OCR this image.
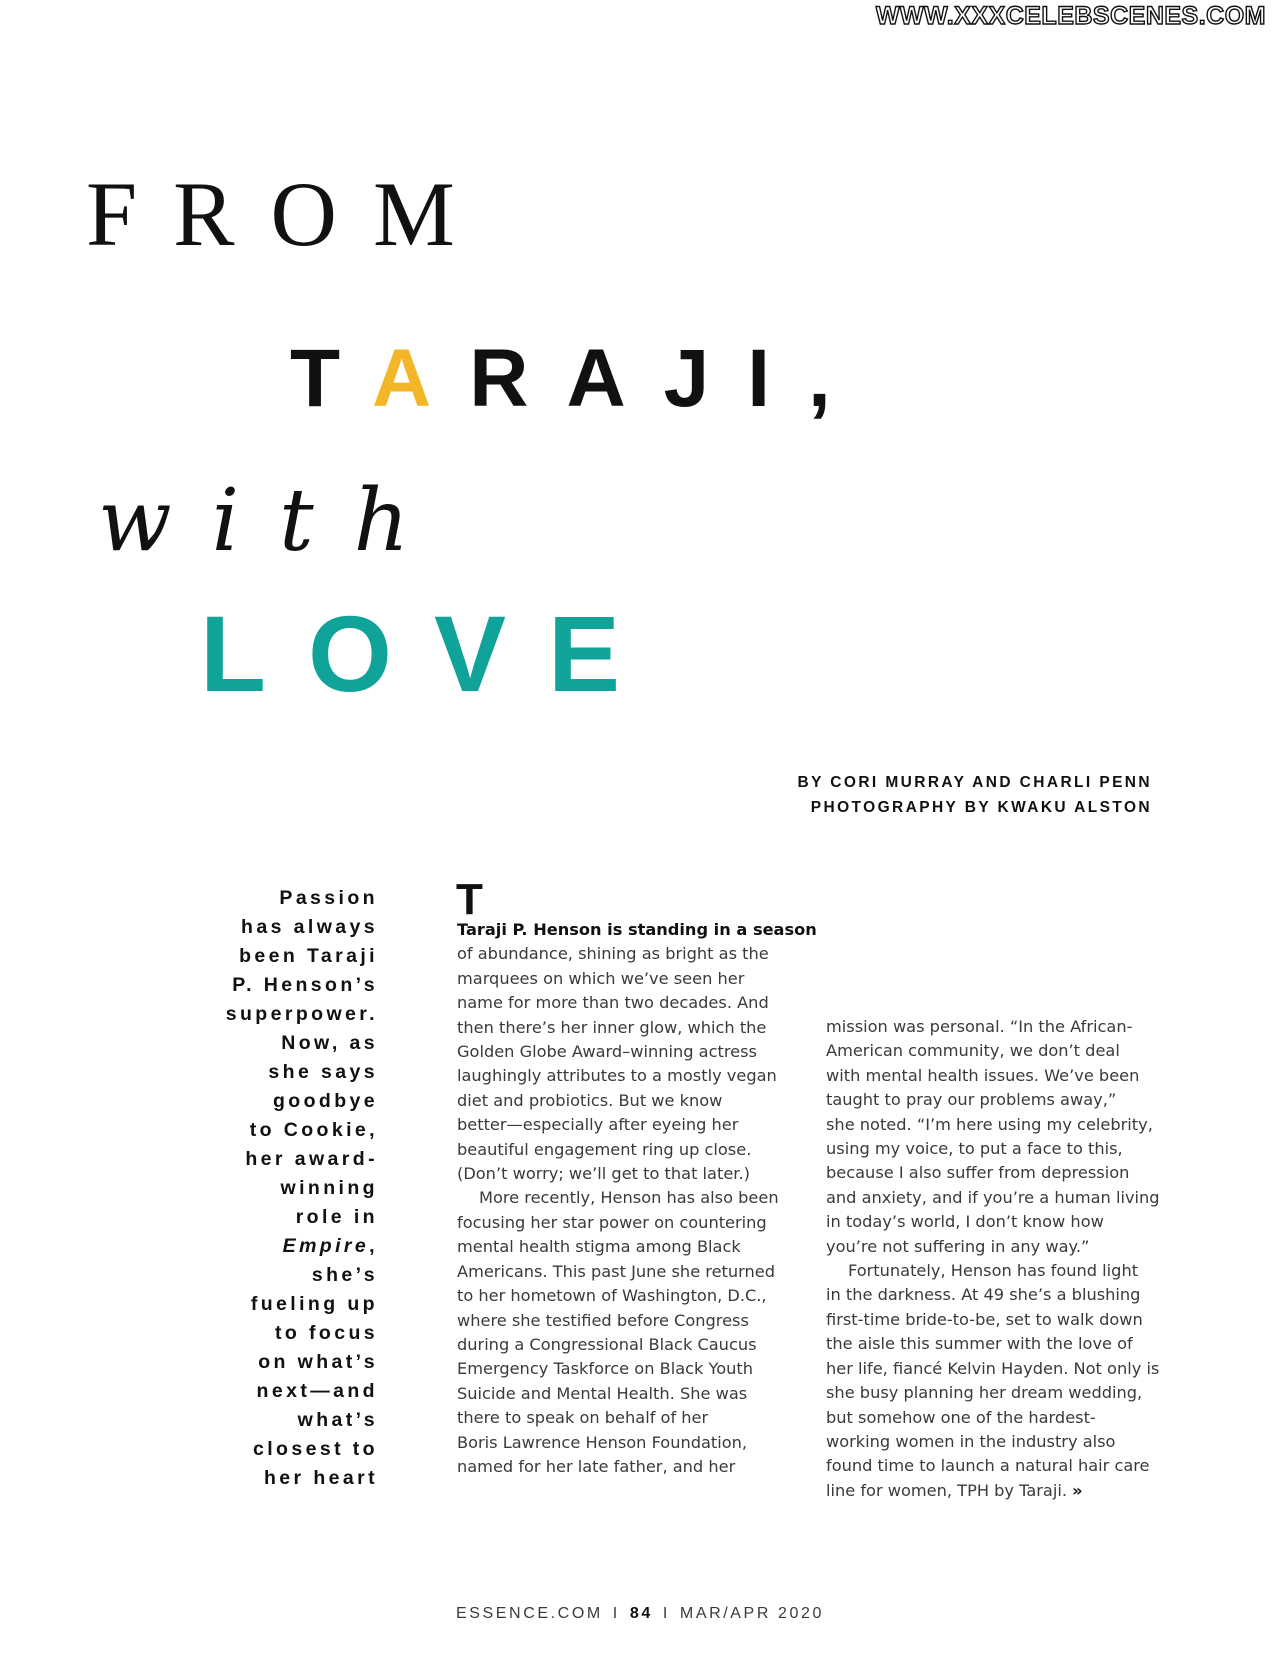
WWW.XXXCELEBSCENES.COM
FROM
TARAJI,
with
LOVE
BY CORI MURRAY AND CHARLI PENN
PHOTOGRAPHY BY KWAKU ALSTON
Passion
has always
been Taraji
P. Henson’s
superpower.
Now, as
she says
goodbye
to Cookie,
her award-
winning
role in
Empire,
she’s
fueling up
to focus
on what’s
next—and
what’s
closest to
her heart
T
Taraji P. Henson is standing in a season
of abundance, shining as bright as the
marquees on which we’ve seen her
name for more than two decades. And
then there’s her inner glow, which the
Golden Globe Award–winning actress
laughingly attributes to a mostly vegan
diet and probiotics. But we know
better—especially after eyeing her
beautiful engagement ring up close.
(Don’t worry; we’ll get to that later.)
More recently, Henson has also been
focusing her star power on countering
mental health stigma among Black
Americans. This past June she returned
to her hometown of Washington, D.C.,
where she testified before Congress
during a Congressional Black Caucus
Emergency Taskforce on Black Youth
Suicide and Mental Health. She was
there to speak on behalf of her
Boris Lawrence Henson Foundation,
named for her late father, and her
mission was personal. “In the African-
American community, we don’t deal
with mental health issues. We’ve been
taught to pray our problems away,”
she noted. “I’m here using my celebrity,
using my voice, to put a face to this,
because I also suffer from depression
and anxiety, and if you’re a human living
in today’s world, I don’t know how
you’re not suffering in any way.”
Fortunately, Henson has found light
in the darkness. At 49 she’s a blushing
first-time bride-to-be, set to walk down
the aisle this summer with the love of
her life, fiancé Kelvin Hayden. Not only is
she busy planning her dream wedding,
but somehow one of the hardest-
working women in the industry also
found time to launch a natural hair care
line for women, TPH by Taraji. »
ESSENCE.COM I 84 I MAR/APR 2020
